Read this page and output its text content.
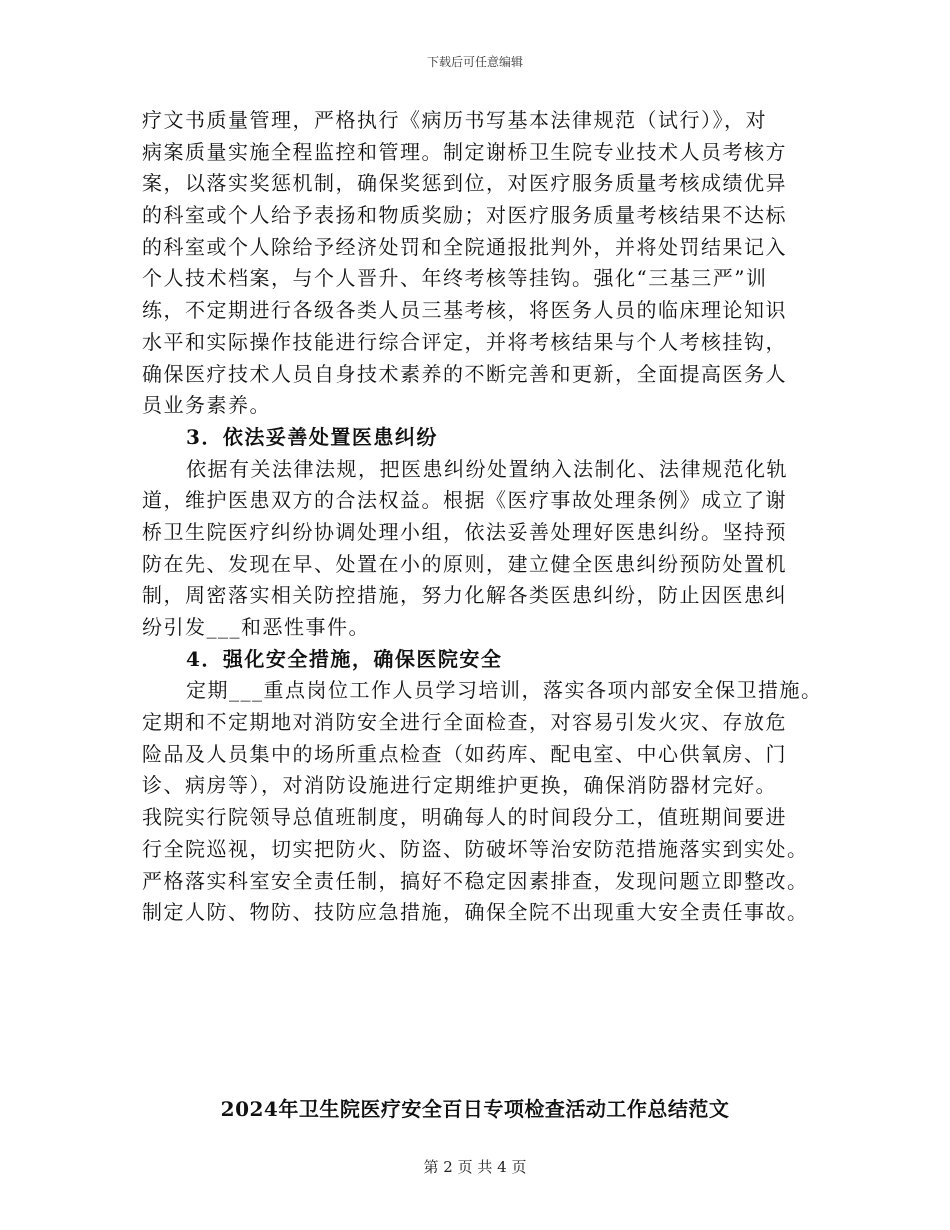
下载后可任意编辑
疗文书质量管理，严格执行《病历书写基本法律规范（试行）》，对
病案质量实施全程监控和管理。制定谢桥卫生院专业技术人员考核方
案，以落实奖惩机制，确保奖惩到位，对医疗服务质量考核成绩优异
的科室或个人给予表扬和物质奖励；对医疗服务质量考核结果不达标
的科室或个人除给予经济处罚和全院通报批判外，并将处罚结果记入
个人技术档案，与个人晋升、年终考核等挂钩。强化“三基三严”训
练，不定期进行各级各类人员三基考核，将医务人员的临床理论知识
水平和实际操作技能进行综合评定，并将考核结果与个人考核挂钩，
确保医疗技术人员自身技术素养的不断完善和更新，全面提高医务人
员业务素养。
3．依法妥善处置医患纠纷
依据有关法律法规，把医患纠纷处置纳入法制化、法律规范化轨
道，维护医患双方的合法权益。根据《医疗事故处理条例》成立了谢
桥卫生院医疗纠纷协调处理小组，依法妥善处理好医患纠纷。坚持预
防在先、发现在早、处置在小的原则，建立健全医患纠纷预防处置机
制，周密落实相关防控措施，努力化解各类医患纠纷，防止因医患纠
纷引发___和恶性事件。
4．强化安全措施，确保医院安全
定期___重点岗位工作人员学习培训，落实各项内部安全保卫措施。
定期和不定期地对消防安全进行全面检查，对容易引发火灾、存放危
险品及人员集中的场所重点检查（如药库、配电室、中心供氧房、门
诊、病房等），对消防设施进行定期维护更换，确保消防器材完好。
我院实行院领导总值班制度，明确每人的时间段分工，值班期间要进
行全院巡视，切实把防火、防盗、防破坏等治安防范措施落实到实处。
严格落实科室安全责任制，搞好不稳定因素排查，发现问题立即整改。
制定人防、物防、技防应急措施，确保全院不出现重大安全责任事故。
2024年卫生院医疗安全百日专项检查活动工作总结范文
第 2 页 共 4 页
